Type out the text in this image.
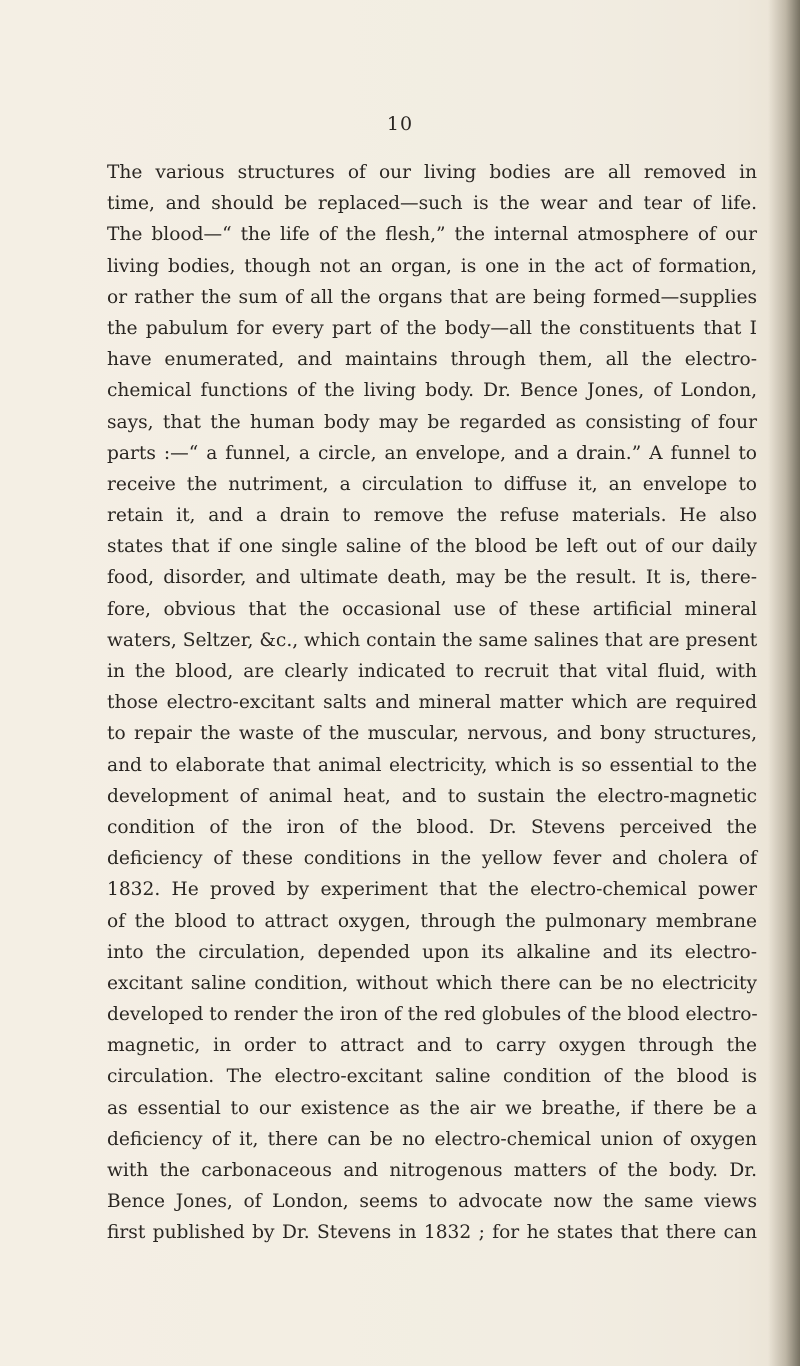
10
The various structures of our living bodies are all removed in
time, and should be replaced—such is the wear and tear of life.
The blood—“ the life of the flesh,” the internal atmosphere of our
living bodies, though not an organ, is one in the act of formation,
or rather the sum of all the organs that are being formed—supplies
the pabulum for every part of the body—all the constituents that I
have enumerated, and maintains through them, all the electro-
chemical functions of the living body. Dr. Bence Jones, of London,
says, that the human body may be regarded as consisting of four
parts :—“ a funnel, a circle, an envelope, and a drain.” A funnel to
receive the nutriment, a circulation to diffuse it, an envelope to
retain it, and a drain to remove the refuse materials. He also
states that if one single saline of the blood be left out of our daily
food, disorder, and ultimate death, may be the result. It is, there-
fore, obvious that the occasional use of these artificial mineral
waters, Seltzer, &c., which contain the same salines that are present
in the blood, are clearly indicated to recruit that vital fluid, with
those electro-excitant salts and mineral matter which are required
to repair the waste of the muscular, nervous, and bony structures,
and to elaborate that animal electricity, which is so essential to the
development of animal heat, and to sustain the electro-magnetic
condition of the iron of the blood. Dr. Stevens perceived the
deficiency of these conditions in the yellow fever and cholera of
1832. He proved by experiment that the electro-chemical power
of the blood to attract oxygen, through the pulmonary membrane
into the circulation, depended upon its alkaline and its electro-
excitant saline condition, without which there can be no electricity
developed to render the iron of the red globules of the blood electro-
magnetic, in order to attract and to carry oxygen through the
circulation. The electro-excitant saline condition of the blood is
as essential to our existence as the air we breathe, if there be a
deficiency of it, there can be no electro-chemical union of oxygen
with the carbonaceous and nitrogenous matters of the body. Dr.
Bence Jones, of London, seems to advocate now the same views
first published by Dr. Stevens in 1832 ; for he states that there can
